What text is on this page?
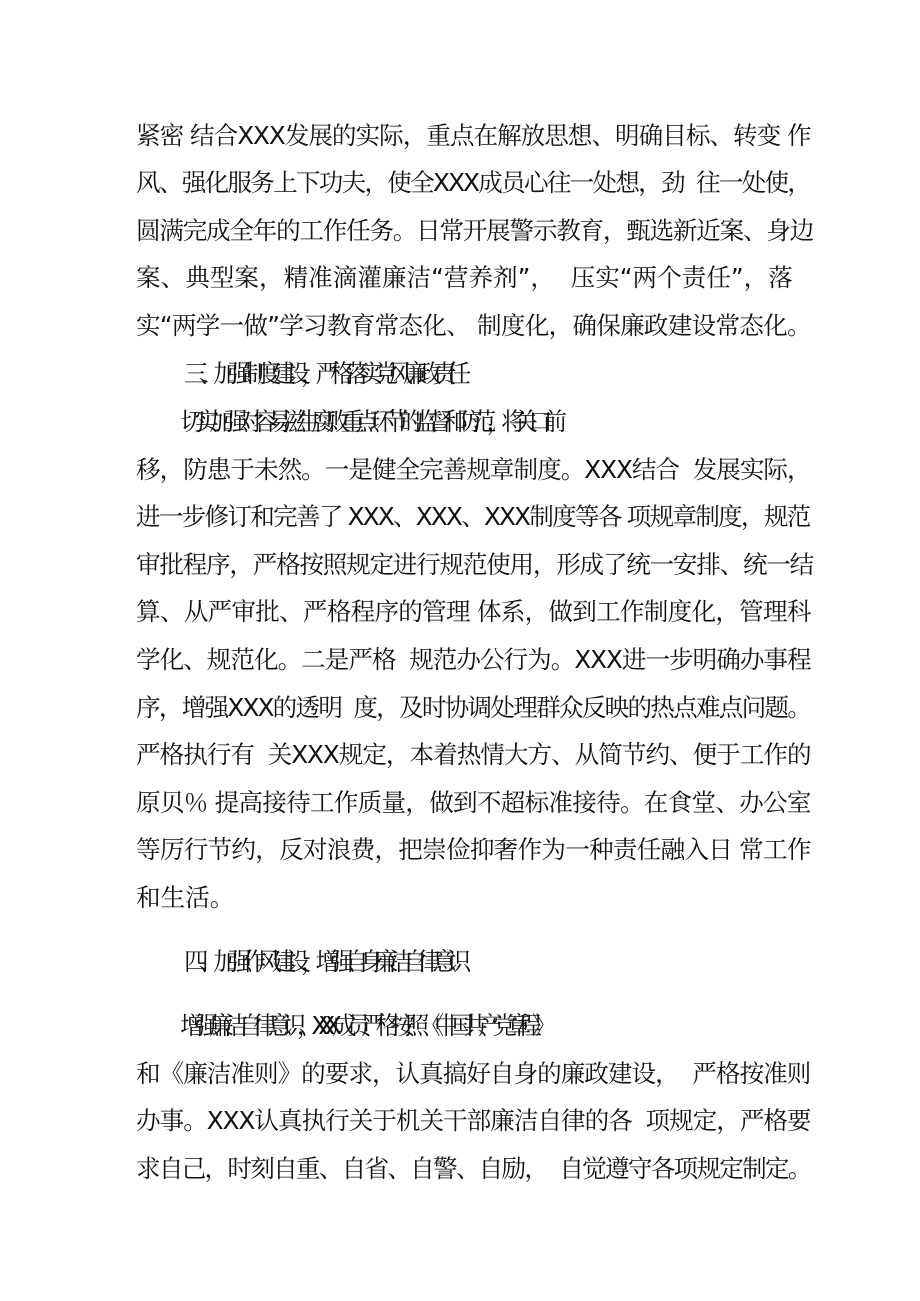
紧密 结合XXX发展的实际，重点在解放思想、明确目标、转变 作
风、强化服务上下功夫，使全XXX成员心往一处想，劲  往一处使，
圆满完成全年的工作任务。日常开展警示教育，甄选新近案、身边
案、典型案，精准滴灌廉洁“营养剂”，  压实“两个责任”，落
实“两学一做”学习教育常态化、 制度化，确保廉政建设常态化。
三、加强制度建设，严格落实党风廉政责任
切实加强对容易滋生腐败重点环节的监督和防范，将 关口前
移，防患于未然。一是健全完善规章制度。XXX结合  发展实际，
进一步修订和完善了 XXX、XXX、XXX制度等各 项规章制度，规范
审批程序，严格按照规定进行规范使用，形成了统一安排、统一结
算、从严审批、严格程序的管理 体系，做到工作制度化，管理科
学化、规范化。二是严格  规范办公行为。XXX进一步明确办事程
序，增强XXX的透明  度，及时协调处理群众反映的热点难点问题。
严格执行有  关XXX规定，本着热情大方、从简节约、便于工作的
原贝％ 提高接待工作质量，做到不超标准接待。在食堂、办公室
等厉行节约，反对浪费，把崇俭抑奢作为一种责任融入日 常工作
和生活。
四、加强作风建设，增强自身廉洁自律意识
增强廉洁自律意识，XXX成员严格按照《中国共产党章  程》
和《廉洁准则》的要求，认真搞好自身的廉政建设，  严格按准则
办事。XXX认真执行关于机关干部廉洁自律的各  项规定，严格要
求自己，时刻自重、自省、自警、自励，  自觉遵守各项规定制定。
